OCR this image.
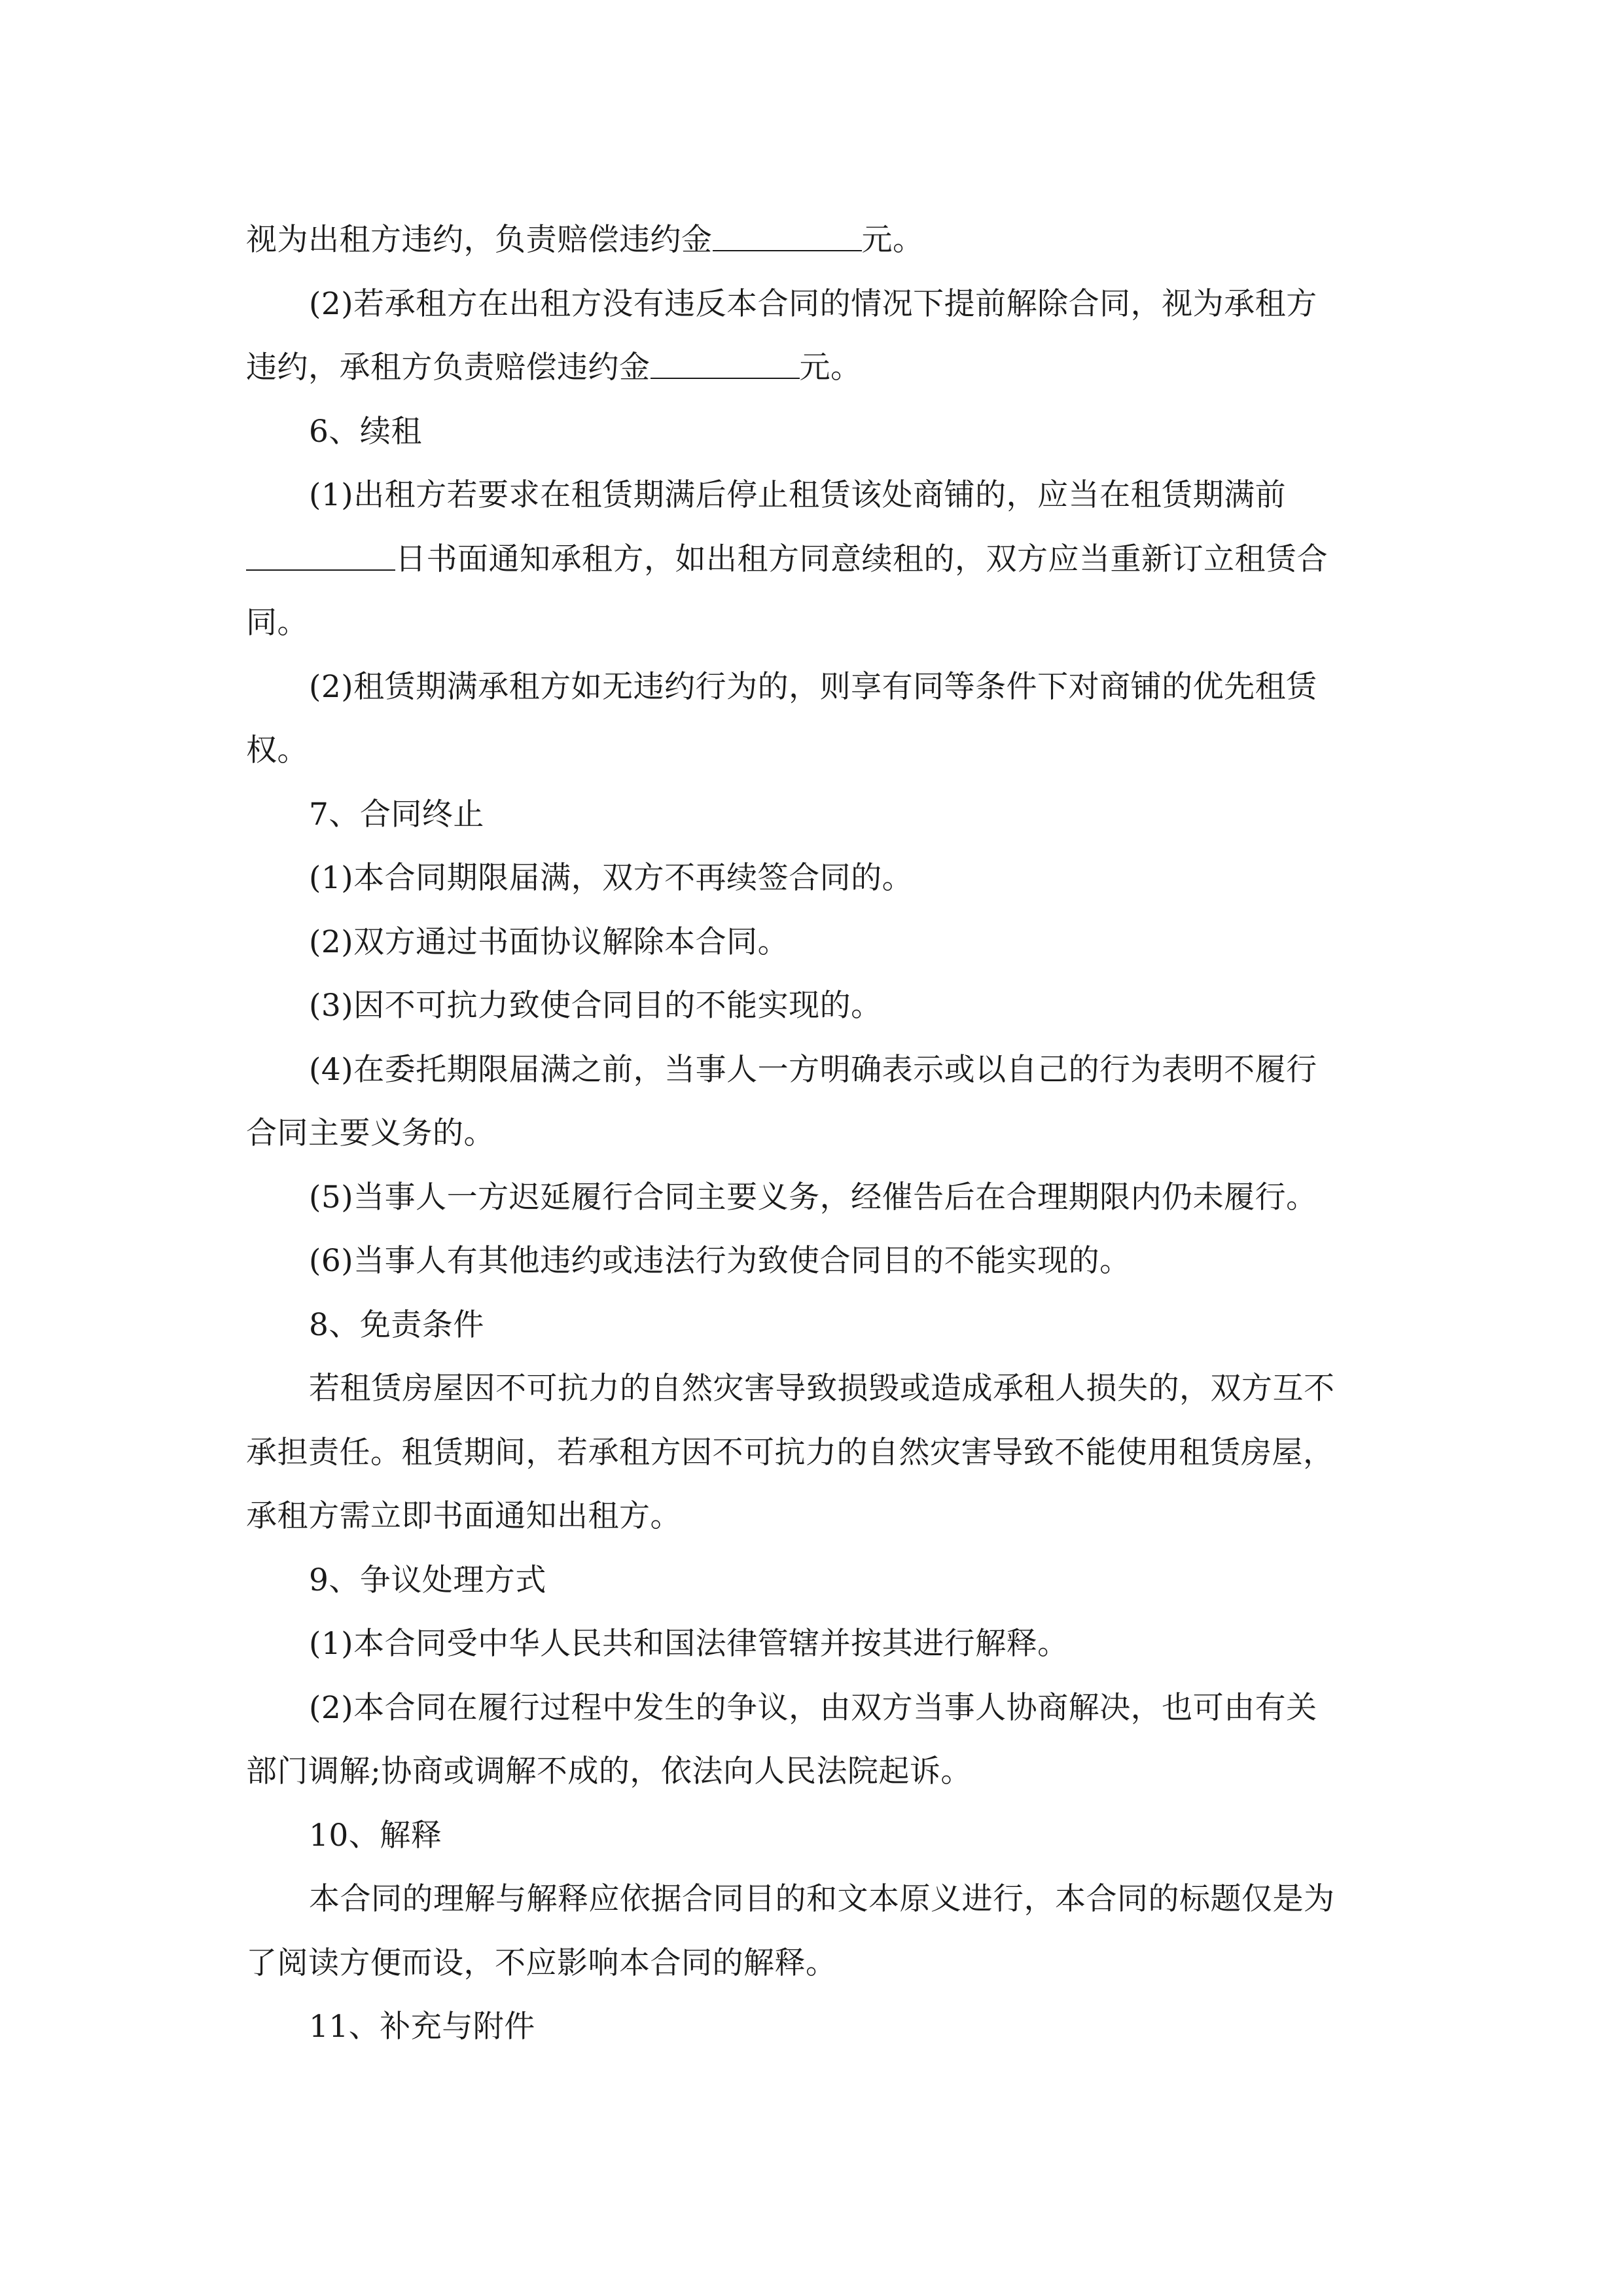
视为出租方违约，负责赔偿违约金	元。
(2)若承租方在出租方没有违反本合同的情况下提前解除合同，视为承租方
违约，承租方负责赔偿违约金	元。
6、续租
(1)出租方若要求在租赁期满后停止租赁该处商铺的，应当在租赁期满前
日书面通知承租方，如出租方同意续租的，双方应当重新订立租赁合
同。
(2)租赁期满承租方如无违约行为的，则享有同等条件下对商铺的优先租赁
权。
7、合同终止
(1)本合同期限届满，双方不再续签合同的。
(2)双方通过书面协议解除本合同。
(3)因不可抗力致使合同目的不能实现的。
(4)在委托期限届满之前，当事人一方明确表示或以自己的行为表明不履行
合同主要义务的。
(5)当事人一方迟延履行合同主要义务，经催告后在合理期限内仍未履行。
(6)当事人有其他违约或违法行为致使合同目的不能实现的。
8、免责条件
若租赁房屋因不可抗力的自然灾害导致损毁或造成承租人损失的，双方互不
承担责任。租赁期间，若承租方因不可抗力的自然灾害导致不能使用租赁房屋，
承租方需立即书面通知出租方。
9、争议处理方式
(1)本合同受中华人民共和国法律管辖并按其进行解释。
(2)本合同在履行过程中发生的争议，由双方当事人协商解决，也可由有关
部门调解;协商或调解不成的，依法向人民法院起诉。
10、解释
本合同的理解与解释应依据合同目的和文本原义进行，本合同的标题仅是为
了阅读方便而设，不应影响本合同的解释。
11、补充与附件
